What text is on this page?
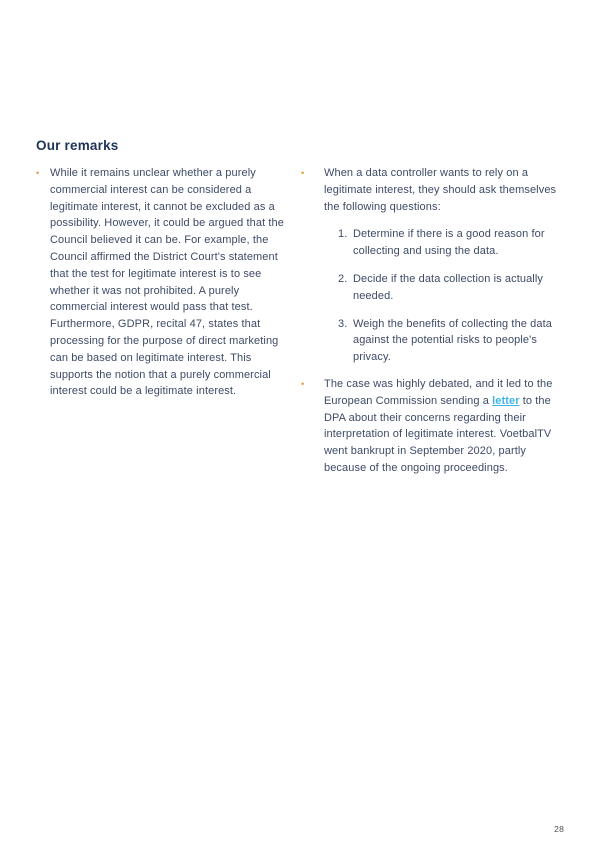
Our remarks
• While it remains unclear whether a purely commercial interest can be considered a legitimate interest, it cannot be excluded as a possibility. However, it could be argued that the Council believed it can be. For example, the Council affirmed the District Court's statement that the test for legitimate interest is to see whether it was not prohibited. A purely commercial interest would pass that test. Furthermore, GDPR, recital 47, states that processing for the purpose of direct marketing can be based on legitimate interest. This supports the notion that a purely commercial interest could be a legitimate interest.
•	When a data controller wants to rely on a legitimate interest, they should ask themselves the following questions:
1. Determine if there is a good reason for collecting and using the data.
2. Decide if the data collection is actually needed.
3. Weigh the benefits of collecting the data against the potential risks to people's privacy.
•	The case was highly debated, and it led to the European Commission sending a letter to the DPA about their concerns regarding their interpretation of legitimate interest. VoetbalTV went bankrupt in September 2020, partly because of the ongoing proceedings.
28
